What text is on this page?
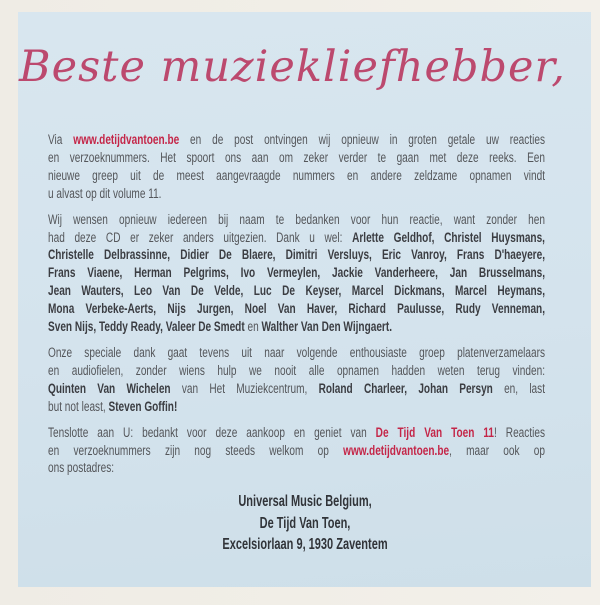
Beste muziekliefhebber,
Via www.detijdvantoen.be en de post ontvingen wij opnieuw in groten getale uw reacties
en verzoeknummers. Het spoort ons aan om zeker verder te gaan met deze reeks. Een
nieuwe greep uit de meest aangevraagde nummers en andere zeldzame opnamen vindt
u alvast op dit volume 11.
Wij wensen opnieuw iedereen bij naam te bedanken voor hun reactie, want zonder hen
had deze CD er zeker anders uitgezien. Dank u wel: Arlette Geldhof, Christel Huysmans,
Christelle Delbrassinne, Didier De Blaere, Dimitri Versluys, Eric Vanroy, Frans D'haeyere,
Frans Viaene, Herman Pelgrims, Ivo Vermeylen, Jackie Vanderheere, Jan Brusselmans,
Jean Wauters, Leo Van De Velde, Luc De Keyser, Marcel Dickmans, Marcel Heymans,
Mona Verbeke-Aerts, Nijs Jurgen, Noel Van Haver, Richard Paulusse, Rudy Venneman,
Sven Nijs, Teddy Ready, Valeer De Smedt en Walther Van Den Wijngaert.
Onze speciale dank gaat tevens uit naar volgende enthousiaste groep platenverzamelaars
en audiofielen, zonder wiens hulp we nooit alle opnamen hadden weten terug vinden:
Quinten Van Wichelen van Het Muziekcentrum, Roland Charleer, Johan Persyn en, last
but not least, Steven Goffin!
Tenslotte aan U: bedankt voor deze aankoop en geniet van De Tijd Van Toen 11! Reacties
en verzoeknummers zijn nog steeds welkom op www.detijdvantoen.be, maar ook op
ons postadres:
Universal Music Belgium,
De Tijd Van Toen,
Excelsiorlaan 9, 1930 Zaventem
